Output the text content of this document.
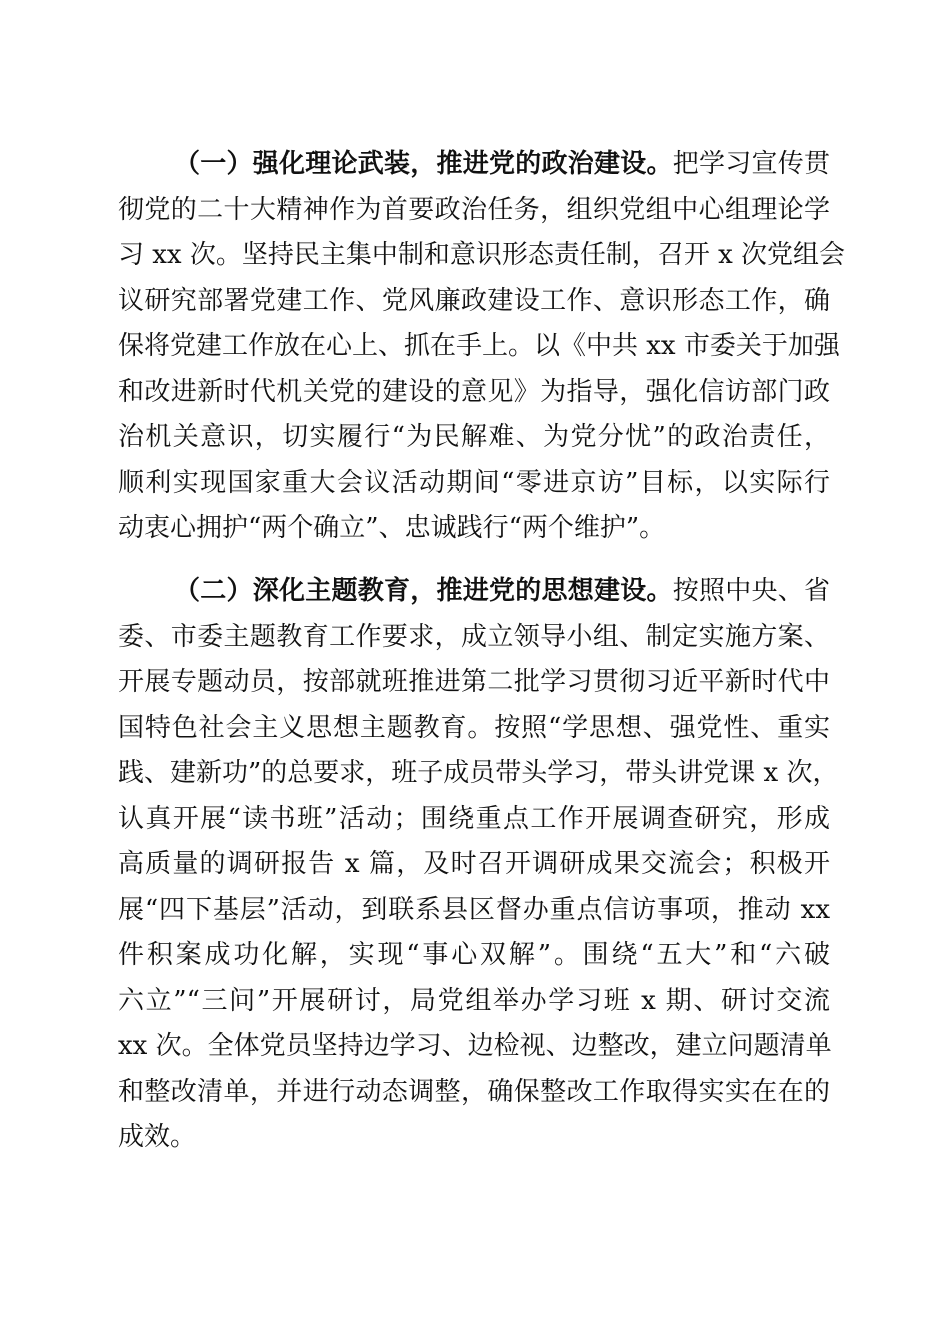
（一）强化理论武装，推进党的政治建设。把学习宣传贯
彻党的二十大精神作为首要政治任务，组织党组中心组理论学
习 xx 次。坚持民主集中制和意识形态责任制，召开 x 次党组会
议研究部署党建工作、党风廉政建设工作、意识形态工作，确
保将党建工作放在心上、抓在手上。以《中共 xx 市委关于加强
和改进新时代机关党的建设的意见》为指导，强化信访部门政
治机关意识，切实履行“为民解难、为党分忧”的政治责任，
顺利实现国家重大会议活动期间“零进京访”目标，以实际行
动衷心拥护“两个确立”、忠诚践行“两个维护”。
（二）深化主题教育，推进党的思想建设。按照中央、省
委、市委主题教育工作要求，成立领导小组、制定实施方案、
开展专题动员，按部就班推进第二批学习贯彻习近平新时代中
国特色社会主义思想主题教育。按照“学思想、强党性、重实
践、建新功”的总要求，班子成员带头学习，带头讲党课 x 次，
认真开展“读书班”活动；围绕重点工作开展调查研究，形成
高质量的调研报告 x 篇，及时召开调研成果交流会；积极开
展“四下基层”活动，到联系县区督办重点信访事项，推动 xx
件积案成功化解，实现“事心双解”。围绕“五大”和“六破
六立”“三问”开展研讨，局党组举办学习班 x 期、研讨交流
xx 次。全体党员坚持边学习、边检视、边整改，建立问题清单
和整改清单，并进行动态调整，确保整改工作取得实实在在的
成效。
